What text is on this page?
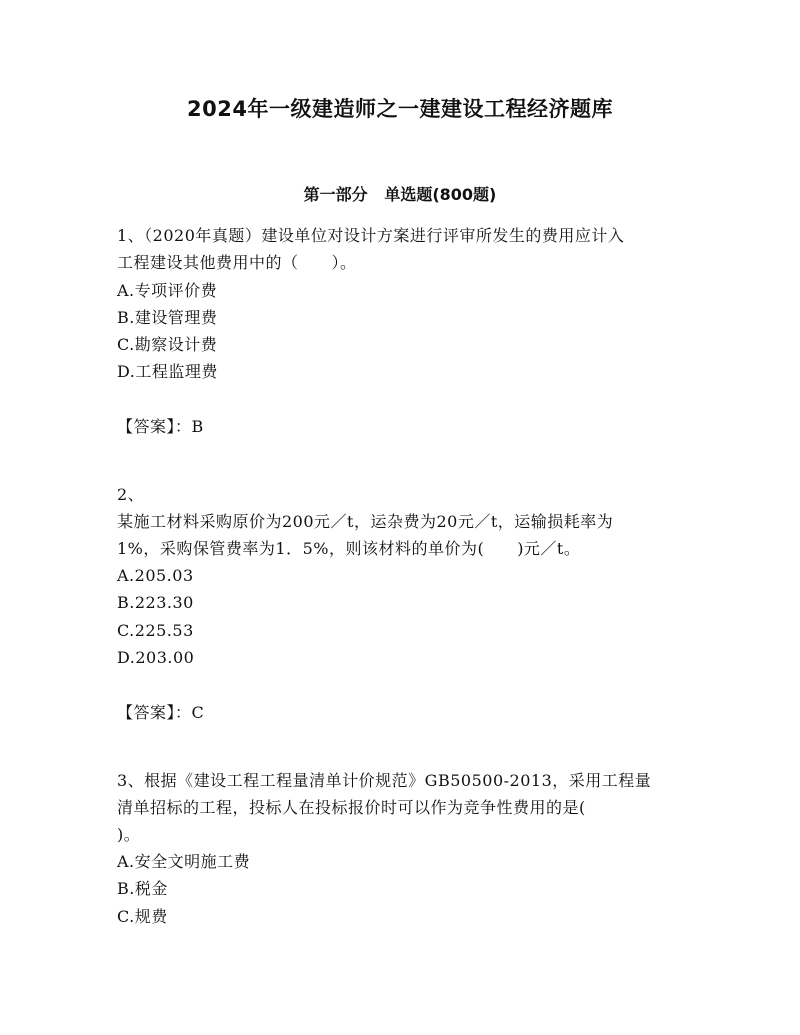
2024年一级建造师之一建建设工程经济题库
第一部分   单选题(800题)

1、（2020年真题）建设单位对设计方案进行评审所发生的费用应计入

工程建设其他费用中的（　　）。

A.专项评价费

B.建设管理费

C.勘察设计费

D.工程监理费

【答案】：B

2、

某施工材料采购原价为200元／t，运杂费为20元／t，运输损耗率为

1%，采购保管费率为1．5%，则该材料的单价为(　　)元／t。

A.205.03

B.223.30

C.225.53

D.203.00

【答案】：C

3、根据《建设工程工程量清单计价规范》GB50500-2013，采用工程量

清单招标的工程，投标人在投标报价时可以作为竞争性费用的是(

)。

A.安全文明施工费

B.税金

C.规费
